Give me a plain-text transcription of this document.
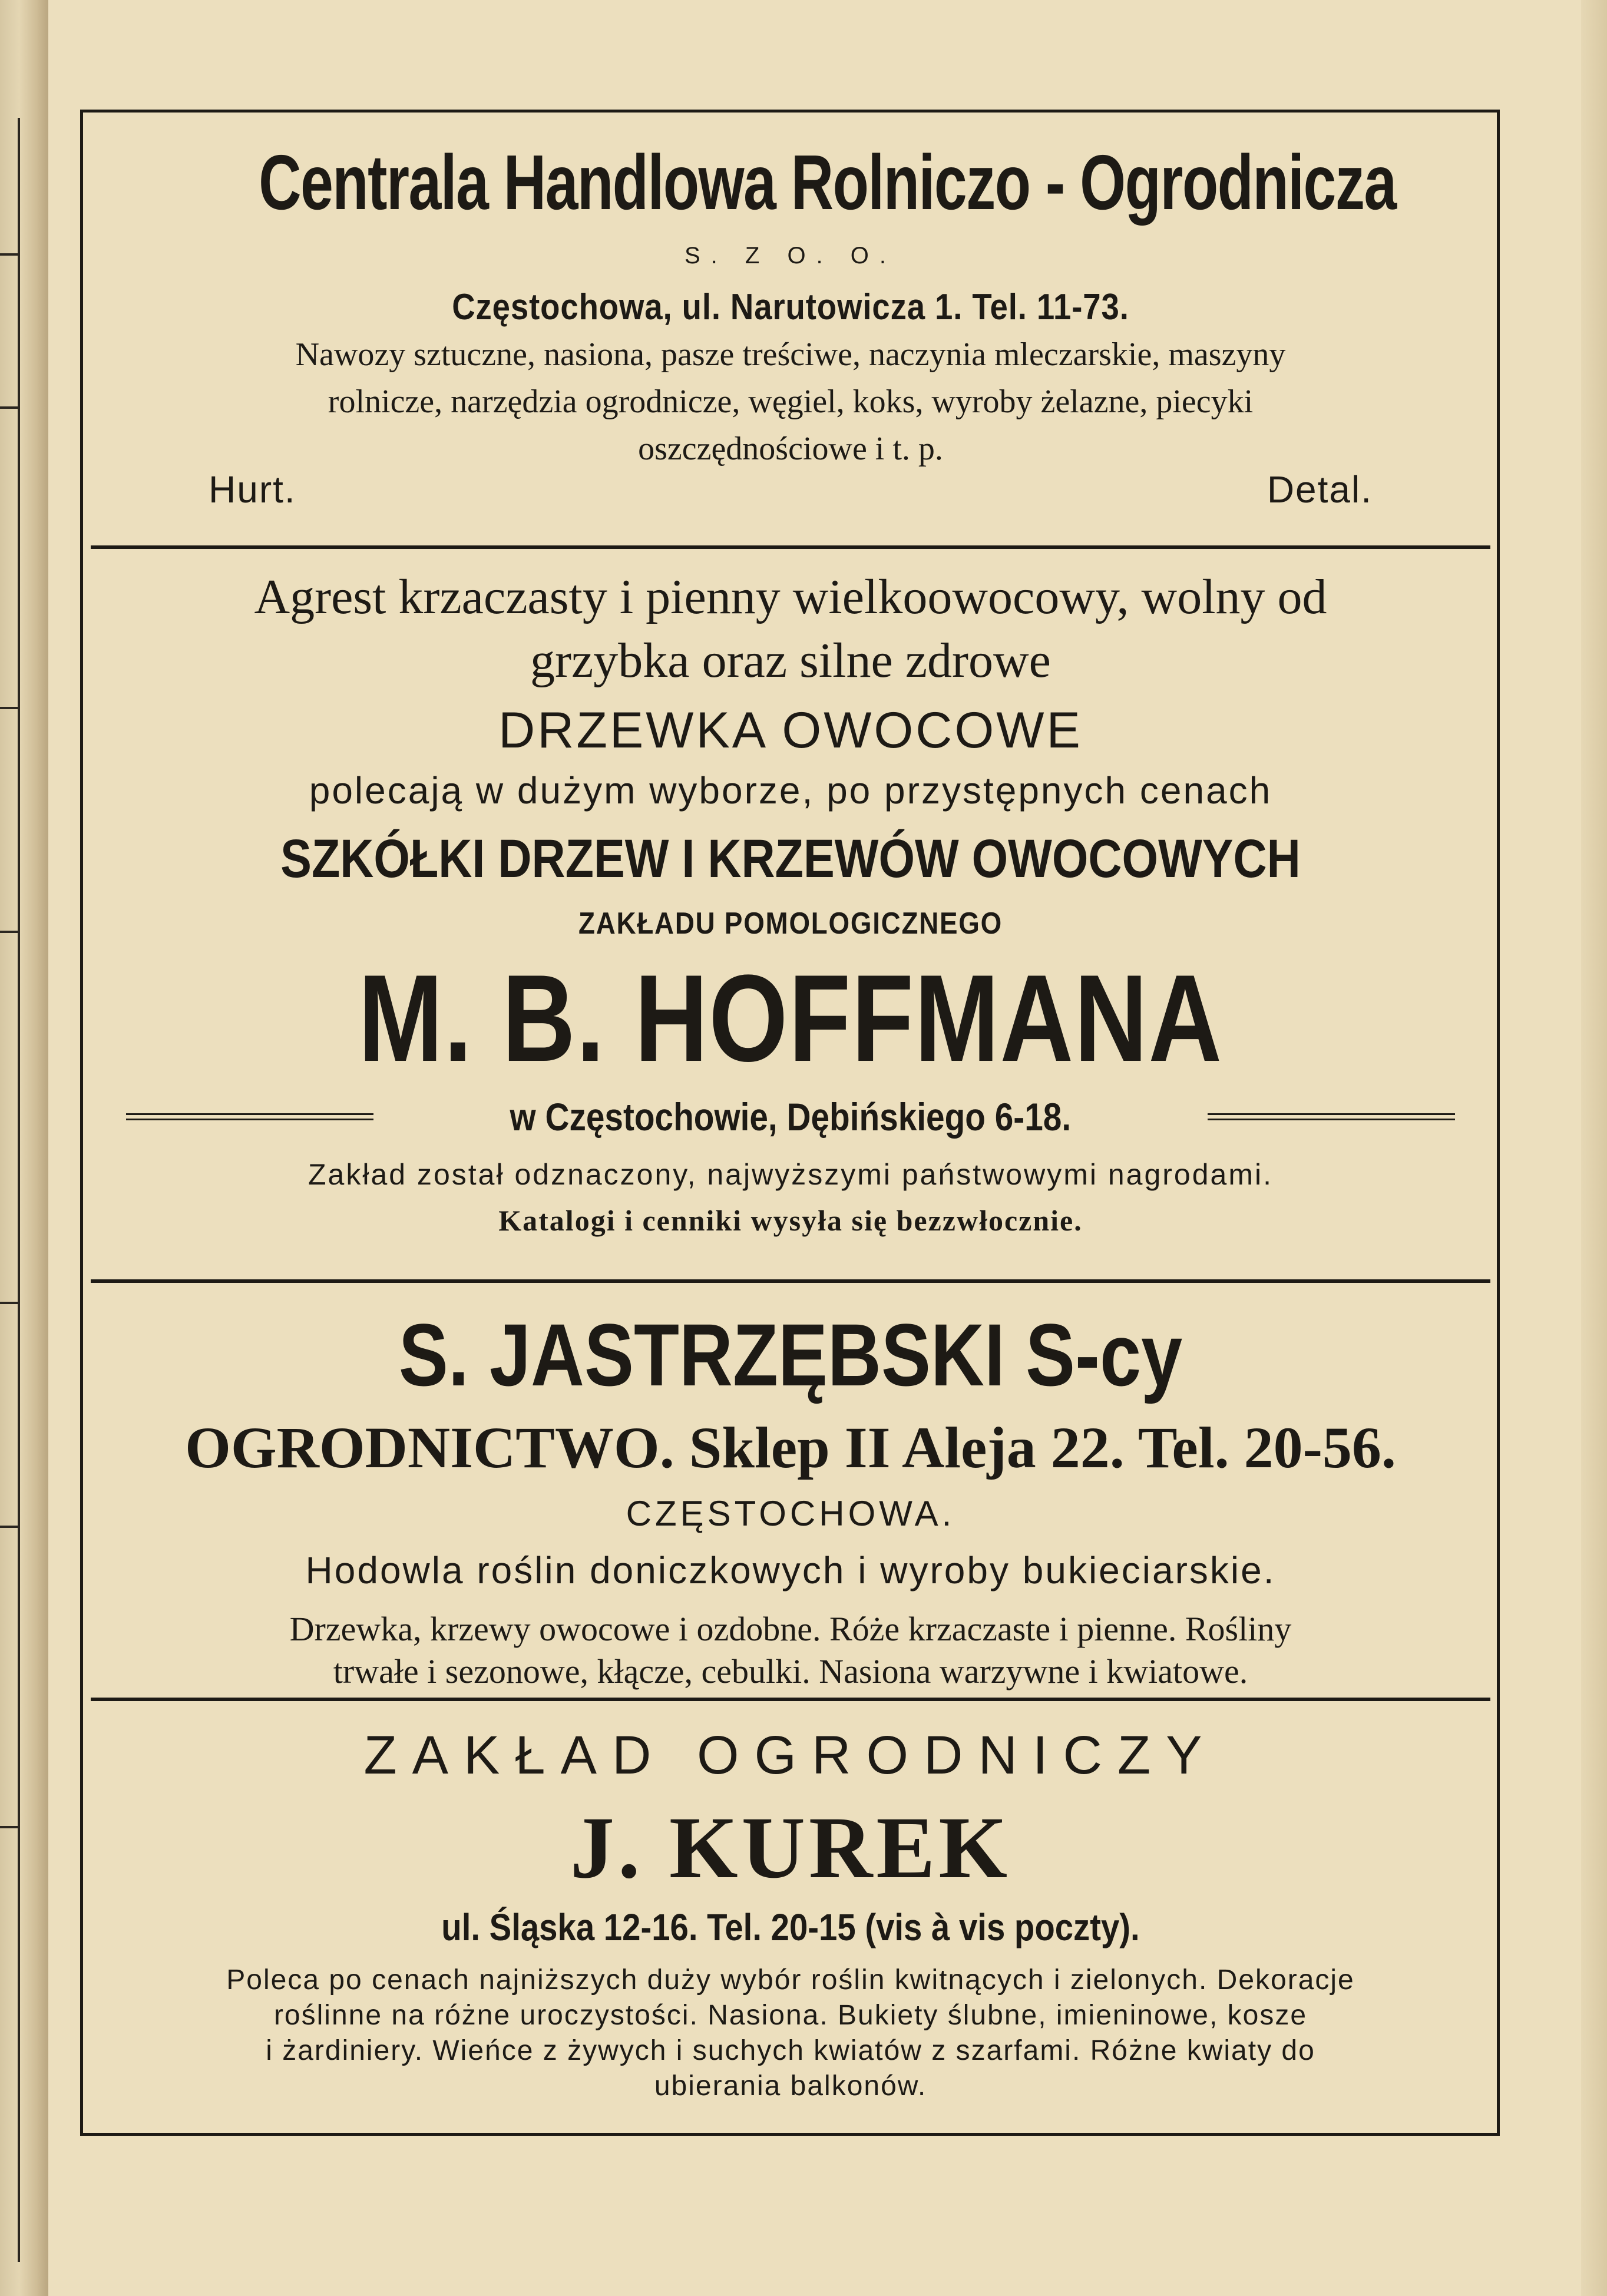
Centrala Handlowa Rolniczo - Ogrodnicza
S. Z O. O.
Częstochowa, ul. Narutowicza 1. Tel. 11-73.
Nawozy sztuczne, nasiona, pasze treściwe, naczynia mleczarskie, maszyny
rolnicze, narzędzia ogrodnicze, węgiel, koks, wyroby żelazne, piecyki
oszczędnościowe i t. p.
Hurt.	Detal.
Agrest krzaczasty i pienny wielkoowocowy, wolny od
grzybka oraz silne zdrowe
DRZEWKA OWOCOWE
polecają w dużym wyborze, po przystępnych cenach
SZKÓŁKI DRZEW I KRZEWÓW OWOCOWYCH
ZAKŁADU POMOLOGICZNEGO
M. B. HOFFMANA
w Częstochowie, Dębińskiego 6-18.
Zakład został odznaczony, najwyższymi państwowymi nagrodami.
Katalogi i cenniki wysyła się bezzwłocznie.
S. JASTRZĘBSKI S-cy
OGRODNICTWO. Sklep II Aleja 22. Tel. 20-56.
CZĘSTOCHOWA.
Hodowla roślin doniczkowych i wyroby bukieciarskie.
Drzewka, krzewy owocowe i ozdobne. Róże krzaczaste i pienne. Rośliny
trwałe i sezonowe, kłącze, cebulki. Nasiona warzywne i kwiatowe.
ZAKŁAD OGRODNICZY
J. KUREK
ul. Śląska 12-16. Tel. 20-15 (vis à vis poczty).
Poleca po cenach najniższych duży wybór roślin kwitnących i zielonych. Dekoracje
roślinne na różne uroczystości. Nasiona. Bukiety ślubne, imieninowe, kosze
i żardiniery. Wieńce z żywych i suchych kwiatów z szarfami. Różne kwiaty do
ubierania balkonów.
